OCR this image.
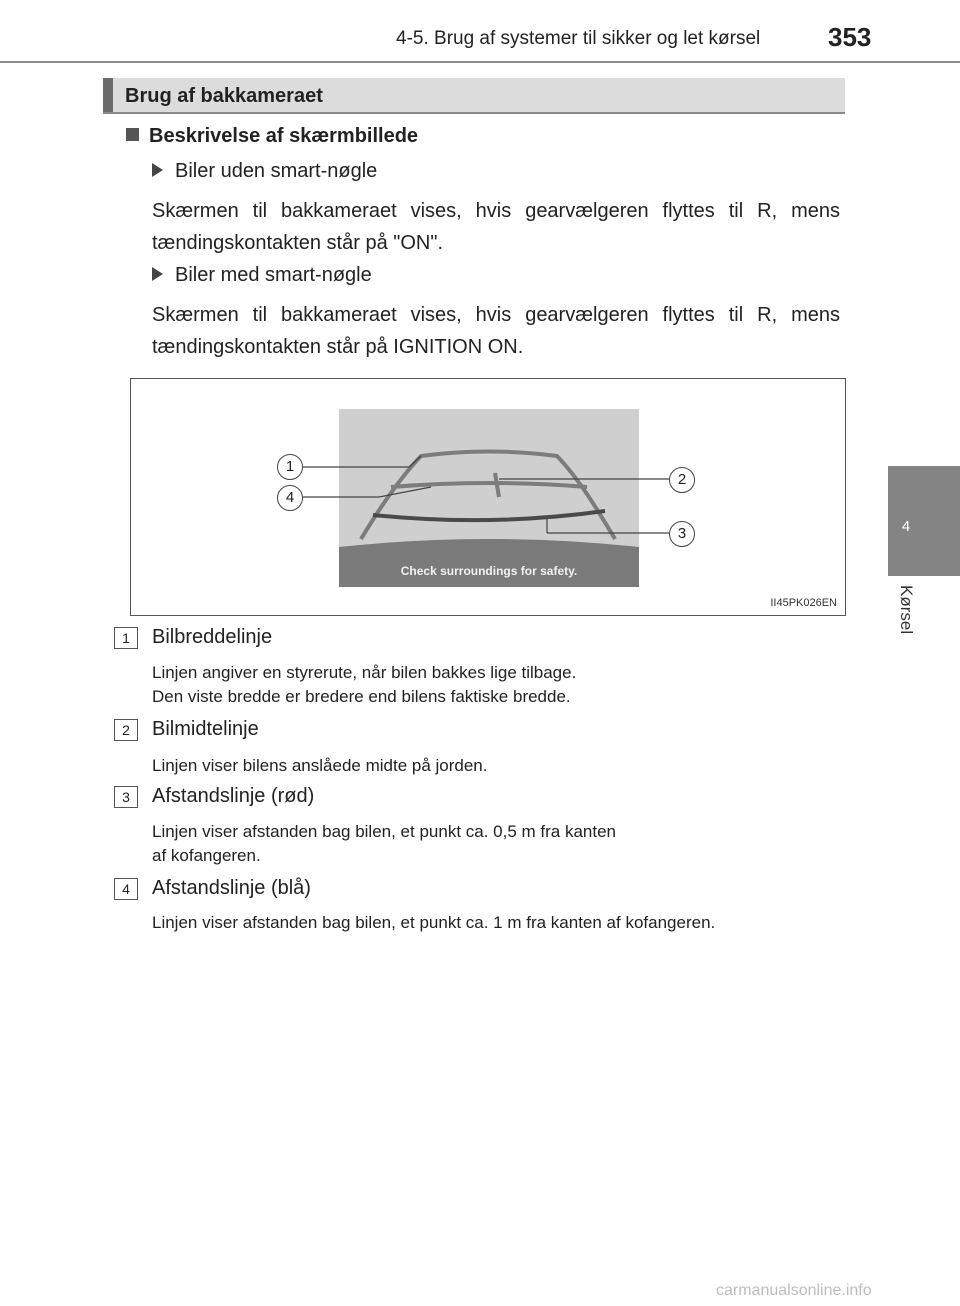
4-5. Brug af systemer til sikker og let kørsel	353
4
Kørsel
Brug af bakkameraet
Beskrivelse af skærmbillede
Biler uden smart-nøgle
Skærmen til bakkameraet vises, hvis gearvælgeren flyttes til R, mens tændingskontakten står på "ON".
Biler med smart-nøgle
Skærmen til bakkameraet vises, hvis gearvælgeren flyttes til R, mens tændingskontakten står på IGNITION ON.
Check surroundings for safety.
1
2
3
4
II45PK026EN
1	Bilbreddelinje
Linjen angiver en styrerute, når bilen bakkes lige tilbage.
Den viste bredde er bredere end bilens faktiske bredde.
2	Bilmidtelinje
Linjen viser bilens anslåede midte på jorden.
3	Afstandslinje (rød)
Linjen viser afstanden bag bilen, et punkt ca. 0,5 m fra kanten
af kofangeren.
4	Afstandslinje (blå)
Linjen viser afstanden bag bilen, et punkt ca. 1 m fra kanten af kofangeren.
carmanualsonline.info
